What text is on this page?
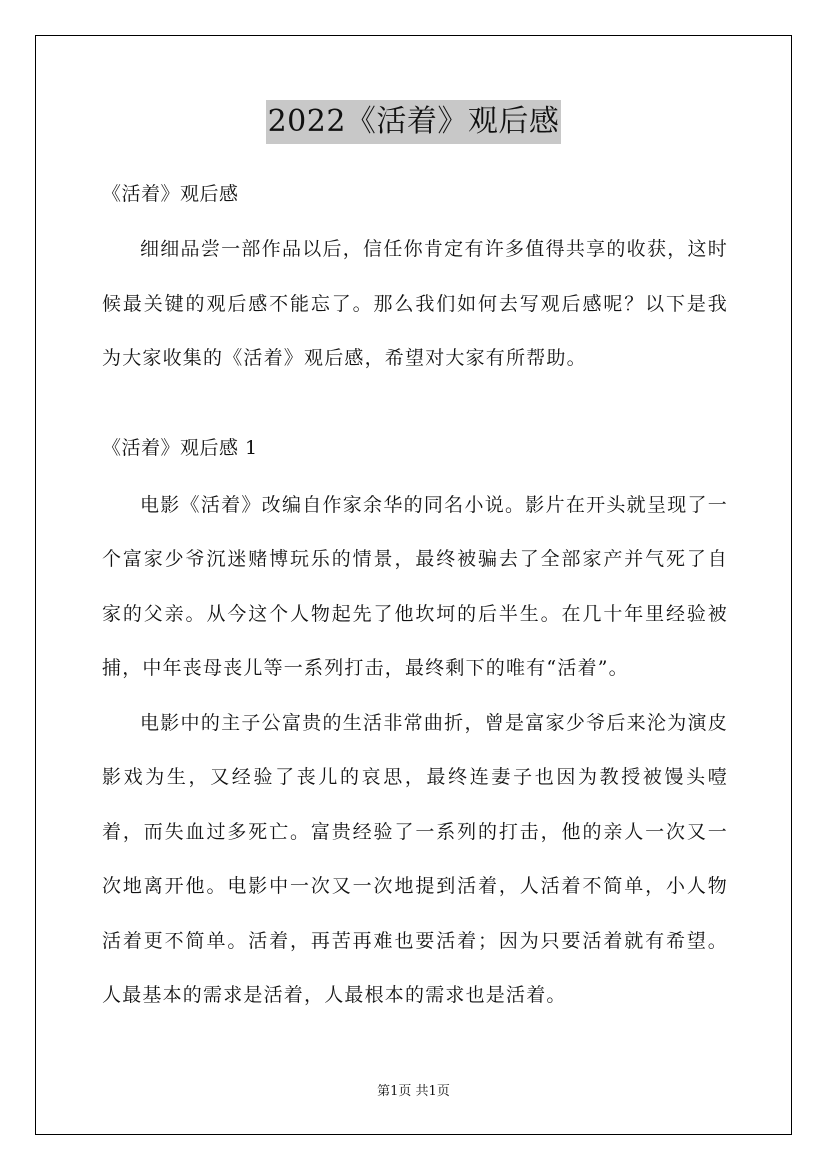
2022《活着》观后感

《活着》观后感

细细品尝一部作品以后，信任你肯定有许多值得共享的收获，这时候最关键的观后感不能忘了。那么我们如何去写观后感呢？以下是我为大家收集的《活着》观后感，希望对大家有所帮助。

《活着》观后感 1

电影《活着》改编自作家余华的同名小说。影片在开头就呈现了一个富家少爷沉迷赌博玩乐的情景，最终被骗去了全部家产并气死了自家的父亲。从今这个人物起先了他坎坷的后半生。在几十年里经验被捕，中年丧母丧儿等一系列打击，最终剩下的唯有“活着”。

电影中的主子公富贵的生活非常曲折，曾是富家少爷后来沦为演皮影戏为生，又经验了丧儿的哀思，最终连妻子也因为教授被馒头噎着，而失血过多死亡。富贵经验了一系列的打击，他的亲人一次又一次地离开他。电影中一次又一次地提到活着，人活着不简单，小人物活着更不简单。活着，再苦再难也要活着；因为只要活着就有希望。人最基本的需求是活着，人最根本的需求也是活着。

第1页 共1页
